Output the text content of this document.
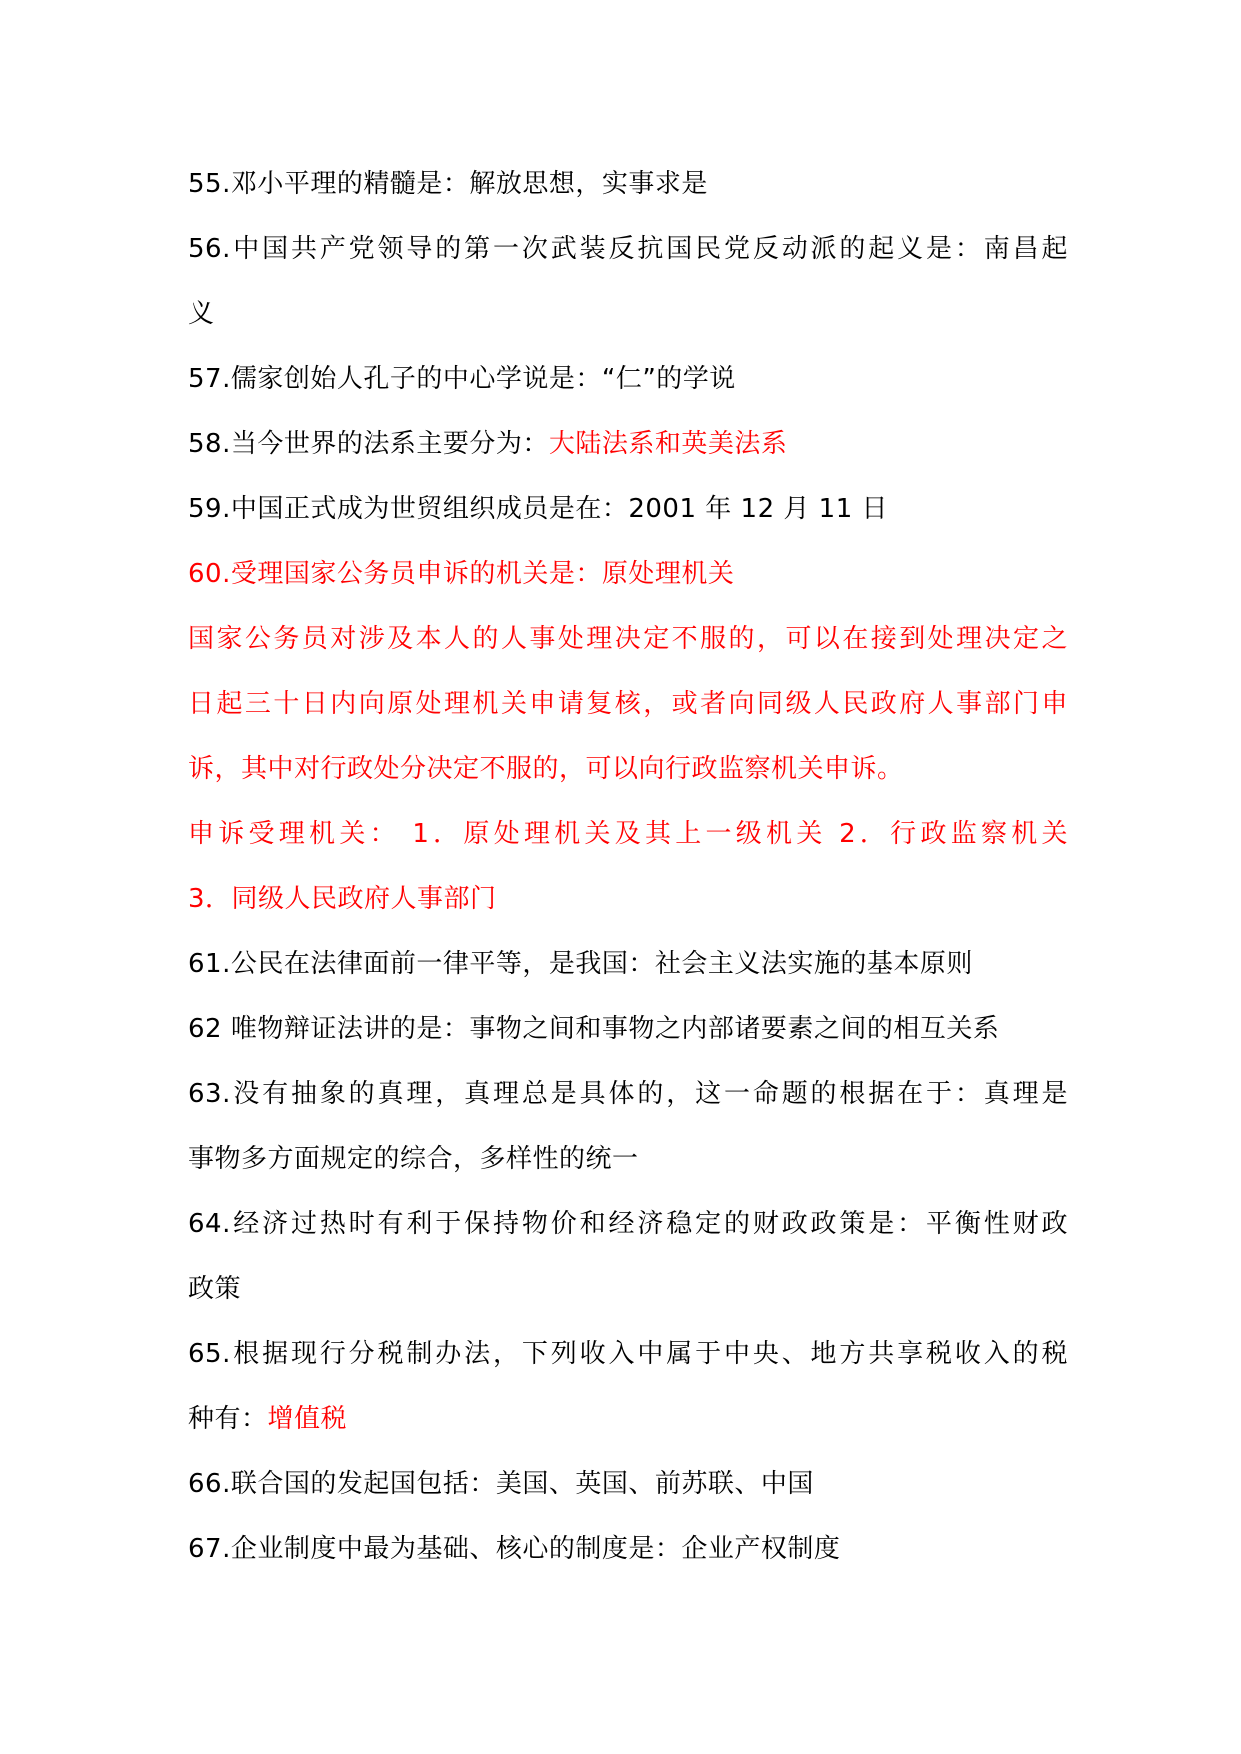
55.邓小平理的精髓是：解放思想，实事求是
56.中国共产党领导的第一次武装反抗国民党反动派的起义是：南昌起
义
57.儒家创始人孔子的中心学说是：“仁”的学说
58.当今世界的法系主要分为：大陆法系和英美法系
59.中国正式成为世贸组织成员是在：2001 年 12 月 11 日
60.受理国家公务员申诉的机关是：原处理机关
国家公务员对涉及本人的人事处理决定不服的，可以在接到处理决定之
日起三十日内向原处理机关申请复核，或者向同级人民政府人事部门申
诉，其中对行政处分决定不服的，可以向行政监察机关申诉。
申诉受理机关： 1．原处理机关及其上一级机关 2．行政监察机关
3．同级人民政府人事部门
61.公民在法律面前一律平等，是我国：社会主义法实施的基本原则
62 唯物辩证法讲的是：事物之间和事物之内部诸要素之间的相互关系
63.没有抽象的真理，真理总是具体的，这一命题的根据在于：真理是
事物多方面规定的综合，多样性的统一
64.经济过热时有利于保持物价和经济稳定的财政政策是：平衡性财政
政策
65.根据现行分税制办法，下列收入中属于中央、地方共享税收入的税
种有：增值税
66.联合国的发起国包括：美国、英国、前苏联、中国
67.企业制度中最为基础、核心的制度是：企业产权制度
